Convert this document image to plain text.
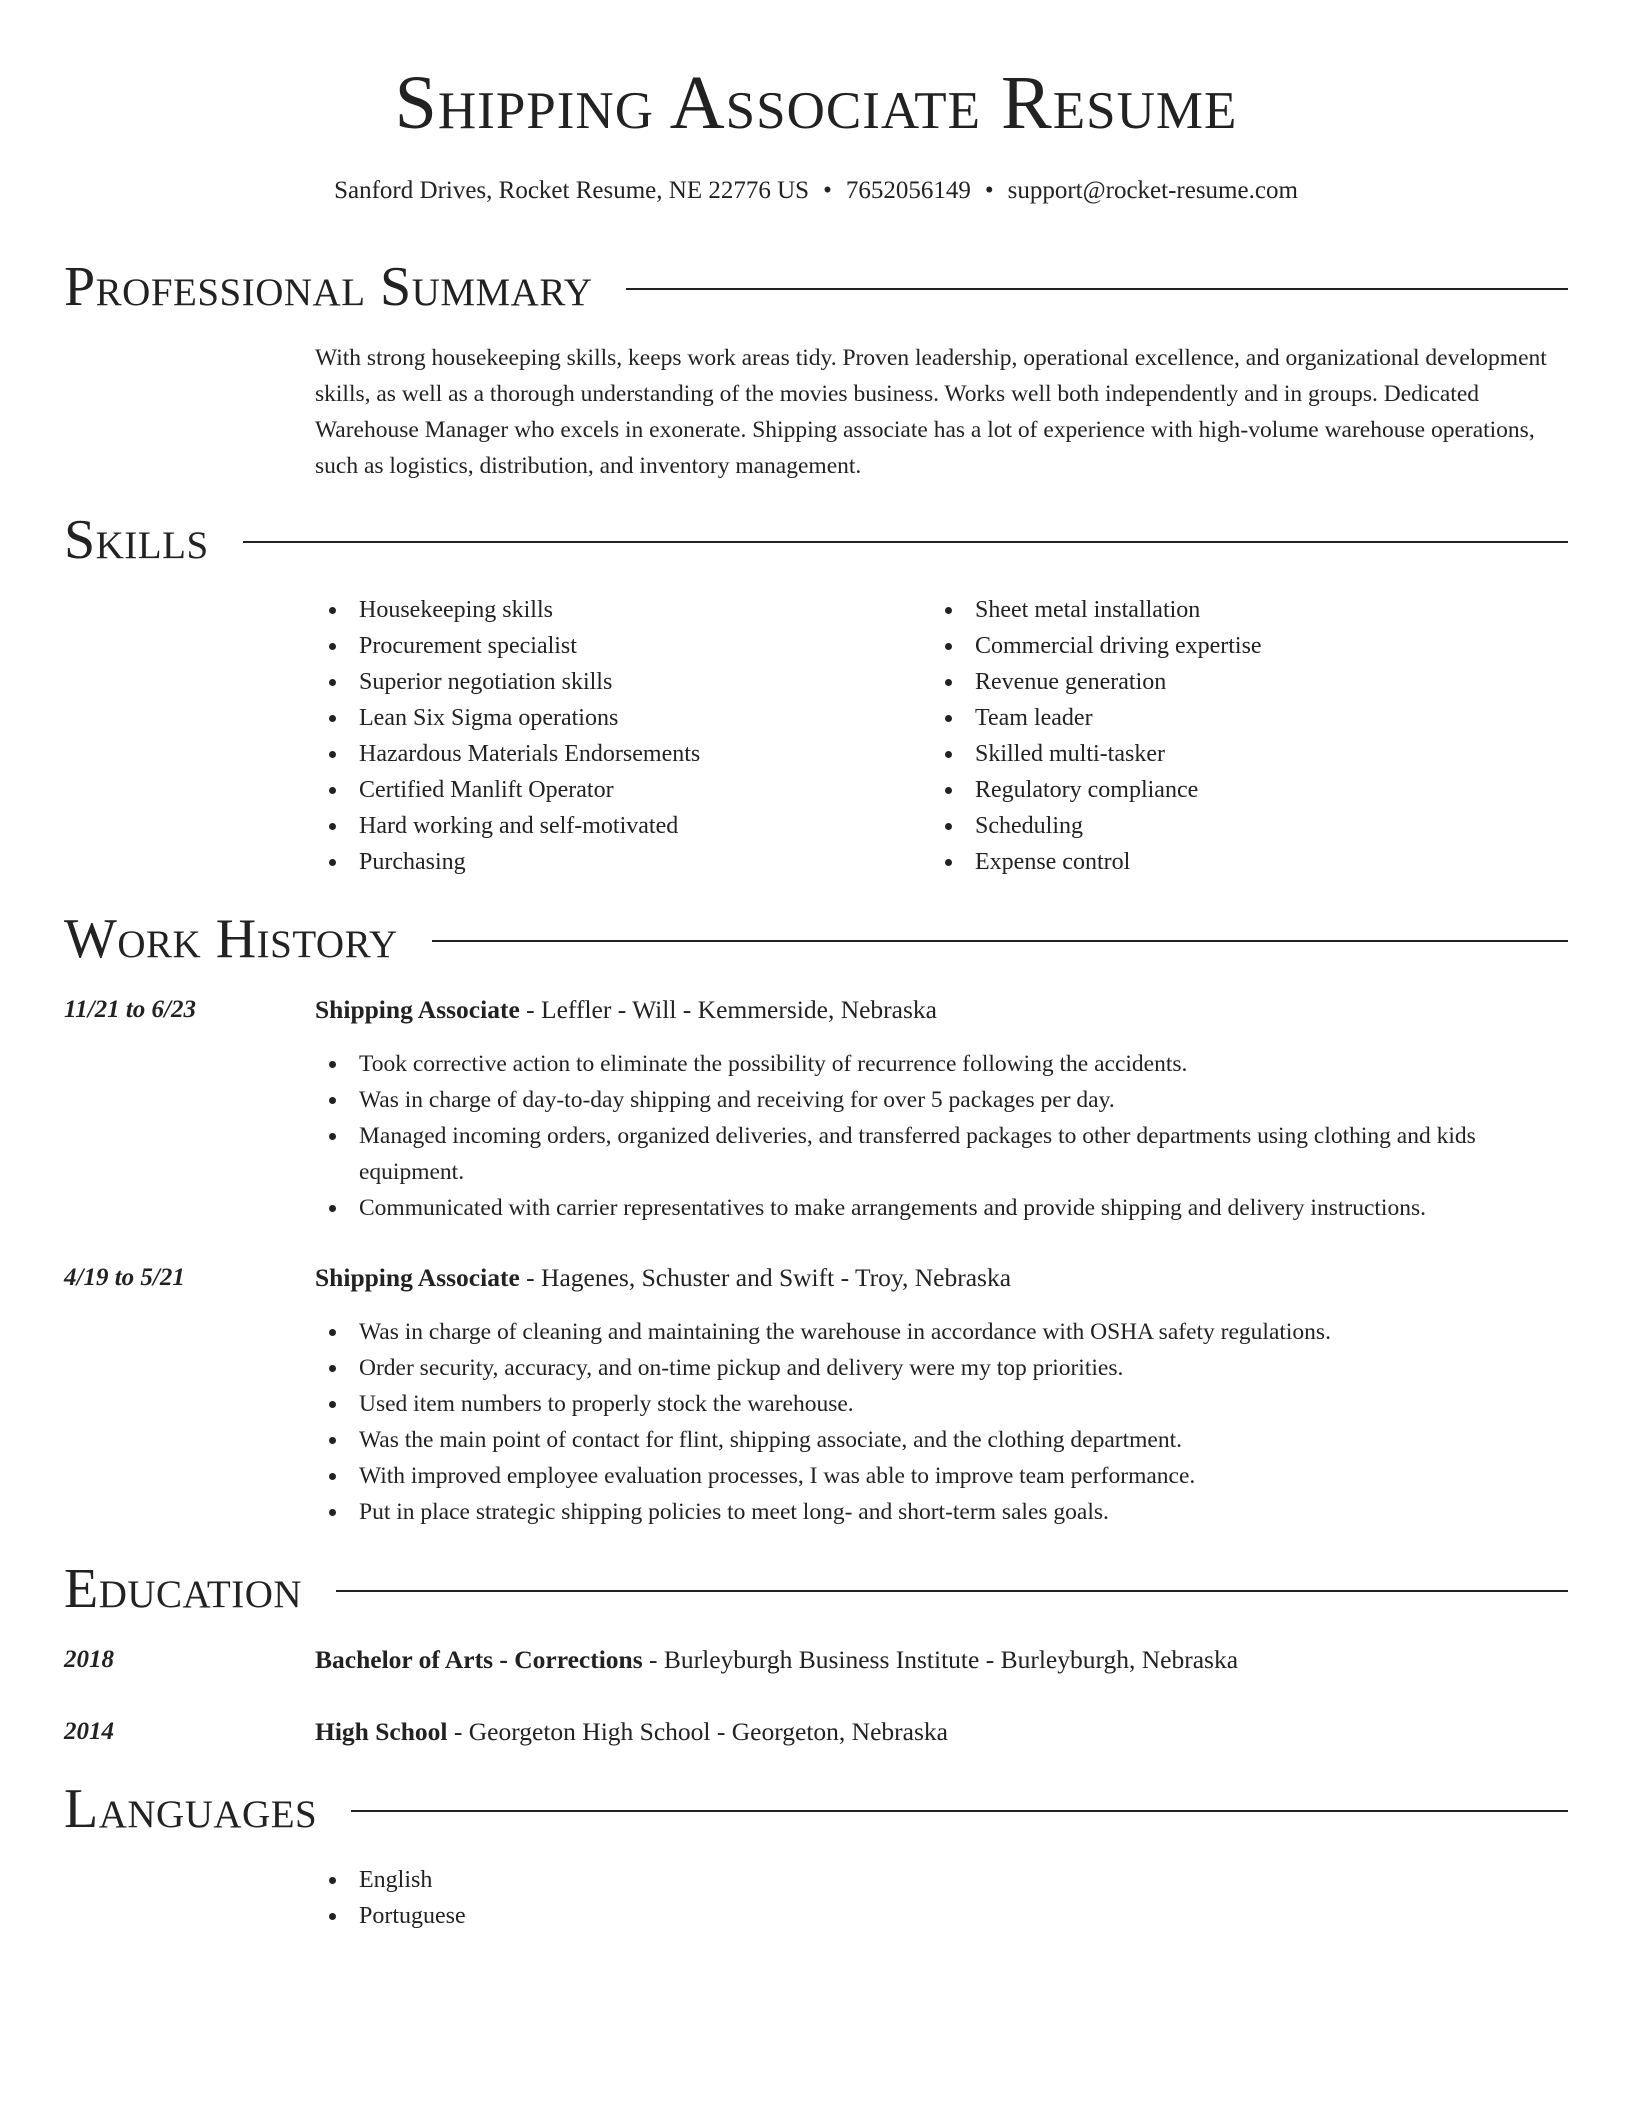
Shipping Associate Resume
Sanford Drives, Rocket Resume, NE 22776 US • 7652056149 • support@rocket-resume.com
Professional Summary
With strong housekeeping skills, keeps work areas tidy. Proven leadership, operational excellence, and organizational development skills, as well as a thorough understanding of the movies business. Works well both independently and in groups. Dedicated Warehouse Manager who excels in exonerate. Shipping associate has a lot of experience with high-volume warehouse operations, such as logistics, distribution, and inventory management.
Skills
Housekeeping skills
Procurement specialist
Superior negotiation skills
Lean Six Sigma operations
Hazardous Materials Endorsements
Certified Manlift Operator
Hard working and self-motivated
Purchasing
Sheet metal installation
Commercial driving expertise
Revenue generation
Team leader
Skilled multi-tasker
Regulatory compliance
Scheduling
Expense control
Work History
11/21 to 6/23	Shipping Associate - Leffler - Will - Kemmerside, Nebraska
Took corrective action to eliminate the possibility of recurrence following the accidents.
Was in charge of day-to-day shipping and receiving for over 5 packages per day.
Managed incoming orders, organized deliveries, and transferred packages to other departments using clothing and kids equipment.
Communicated with carrier representatives to make arrangements and provide shipping and delivery instructions.
4/19 to 5/21	Shipping Associate - Hagenes, Schuster and Swift - Troy, Nebraska
Was in charge of cleaning and maintaining the warehouse in accordance with OSHA safety regulations.
Order security, accuracy, and on-time pickup and delivery were my top priorities.
Used item numbers to properly stock the warehouse.
Was the main point of contact for flint, shipping associate, and the clothing department.
With improved employee evaluation processes, I was able to improve team performance.
Put in place strategic shipping policies to meet long- and short-term sales goals.
Education
2018	Bachelor of Arts - Corrections - Burleyburgh Business Institute - Burleyburgh, Nebraska
2014	High School - Georgeton High School - Georgeton, Nebraska
Languages
English
Portuguese
